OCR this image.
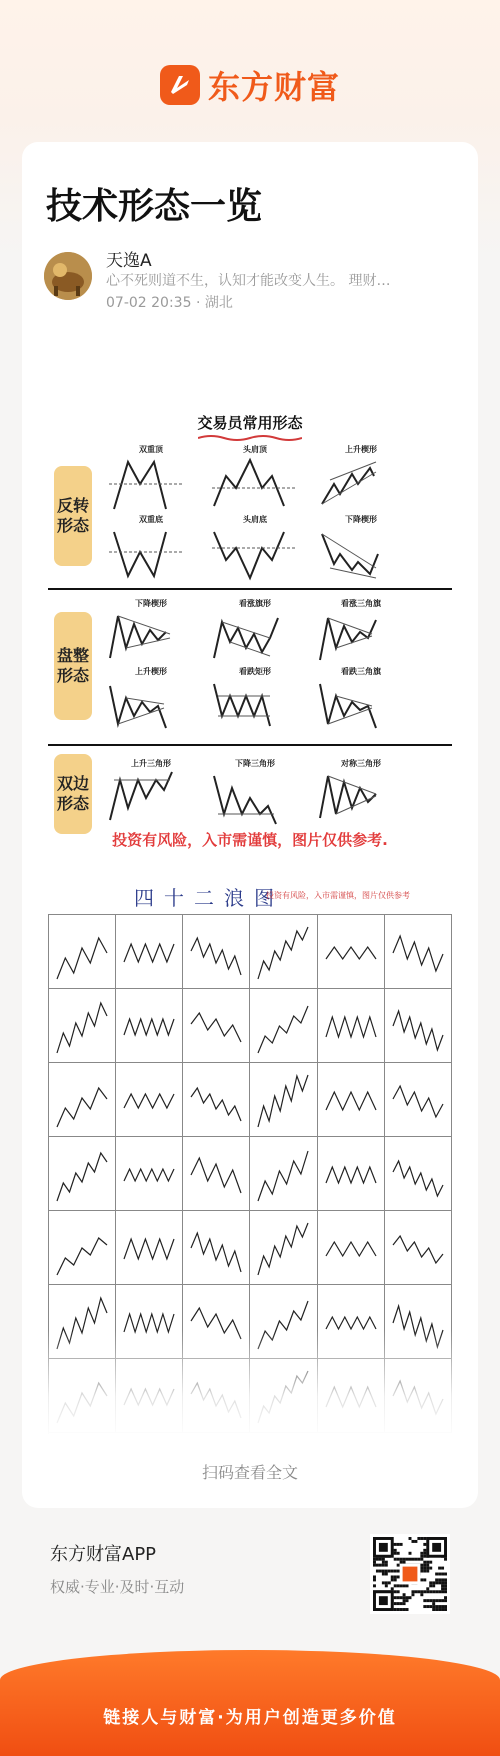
东方财富
技术形态一览
天逸A
心不死则道不生，认知才能改变人生。 理财…
07-02 20:35 · 湖北
交易员常用形态
反转形态
盘整形态
双边形态
双重顶	头肩顶	上升楔形
双重底	头肩底	下降楔形
下降楔形	看涨旗形	看涨三角旗
上升楔形	看跌矩形	看跌三角旗
上升三角形	下降三角形	对称三角形
投资有风险，入市需谨慎，图片仅供参考.
四十二浪图
投资有风险，入市需谨慎，图片仅供参考
扫码查看全文
东方财富APP
权威·专业·及时·互动
链接人与财富·为用户创造更多价值
